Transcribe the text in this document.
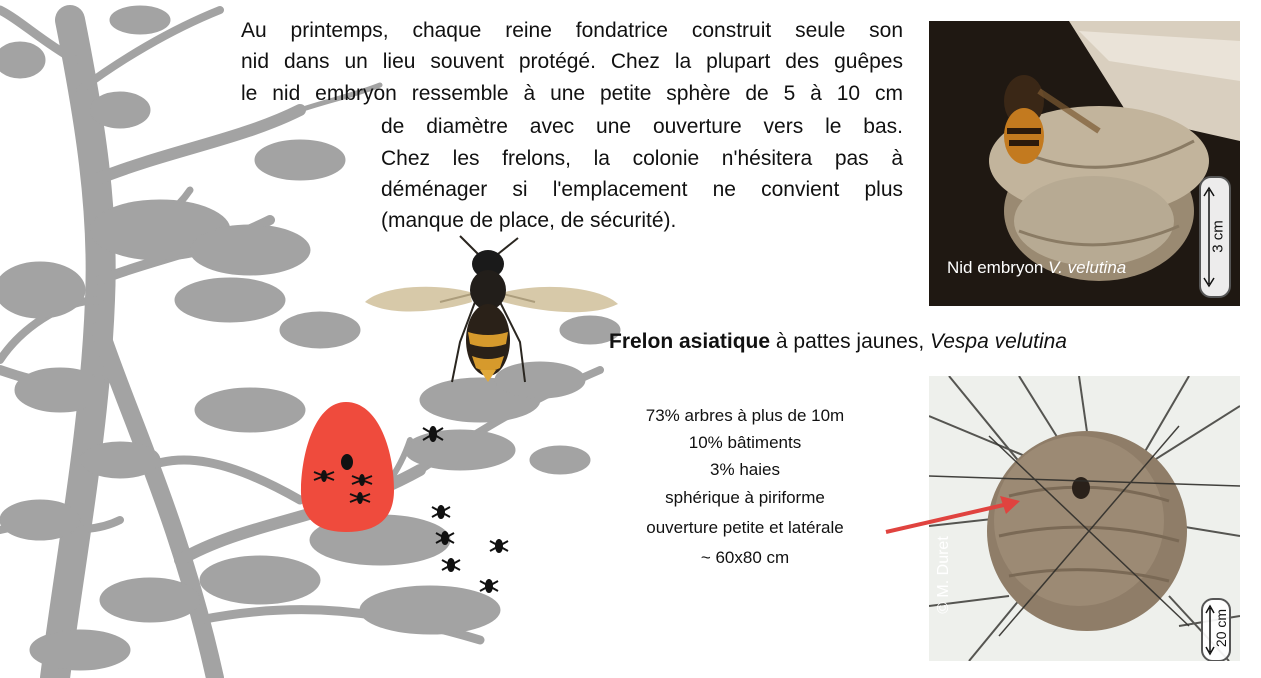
Au printemps, chaque reine fondatrice construit seule son
nid dans un lieu souvent protégé. Chez la plupart des guêpes
le nid embryon ressemble à une petite sphère de 5 à 10 cm
de diamètre avec une ouverture vers le bas.
Chez les frelons, la colonie n'hésitera pas à
déménager si l'emplacement ne convient plus
(manque de place, de sécurité).
Nid embryon V. velutina
3 cm
Frelon asiatique à pattes jaunes, Vespa velutina
73% arbres à plus de 10m
10% bâtiments
3% haies
sphérique à piriforme
ouverture petite et latérale
~ 60x80 cm	© M. Duret
20 cm
